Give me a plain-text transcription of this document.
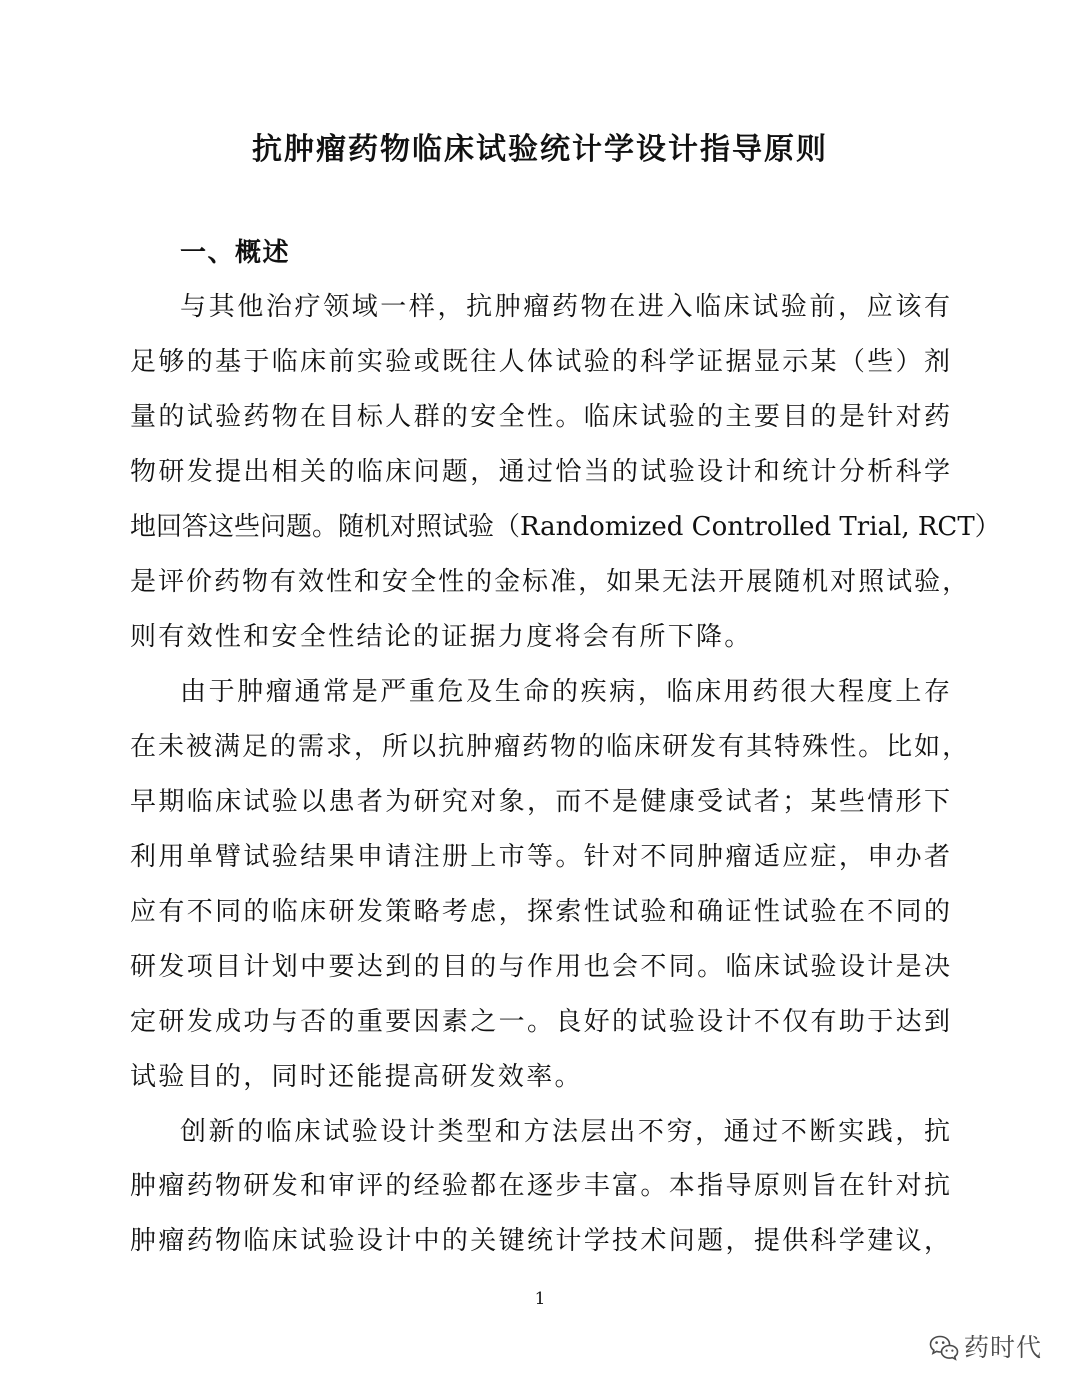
抗肿瘤药物临床试验统计学设计指导原则
一、概述
与其他治疗领域一样，抗肿瘤药物在进入临床试验前，应该有
足够的基于临床前实验或既往人体试验的科学证据显示某（些）剂
量的试验药物在目标人群的安全性。临床试验的主要目的是针对药
物研发提出相关的临床问题，通过恰当的试验设计和统计分析科学
地回答这些问题。随机对照试验（Randomized Controlled Trial, RCT）
是评价药物有效性和安全性的金标准，如果无法开展随机对照试验，
则有效性和安全性结论的证据力度将会有所下降。
由于肿瘤通常是严重危及生命的疾病，临床用药很大程度上存
在未被满足的需求，所以抗肿瘤药物的临床研发有其特殊性。比如，
早期临床试验以患者为研究对象，而不是健康受试者；某些情形下
利用单臂试验结果申请注册上市等。针对不同肿瘤适应症，申办者
应有不同的临床研发策略考虑，探索性试验和确证性试验在不同的
研发项目计划中要达到的目的与作用也会不同。临床试验设计是决
定研发成功与否的重要因素之一。良好的试验设计不仅有助于达到
试验目的，同时还能提高研发效率。
创新的临床试验设计类型和方法层出不穷，通过不断实践，抗
肿瘤药物研发和审评的经验都在逐步丰富。本指导原则旨在针对抗
肿瘤药物临床试验设计中的关键统计学技术问题，提供科学建议，
1
药时代
